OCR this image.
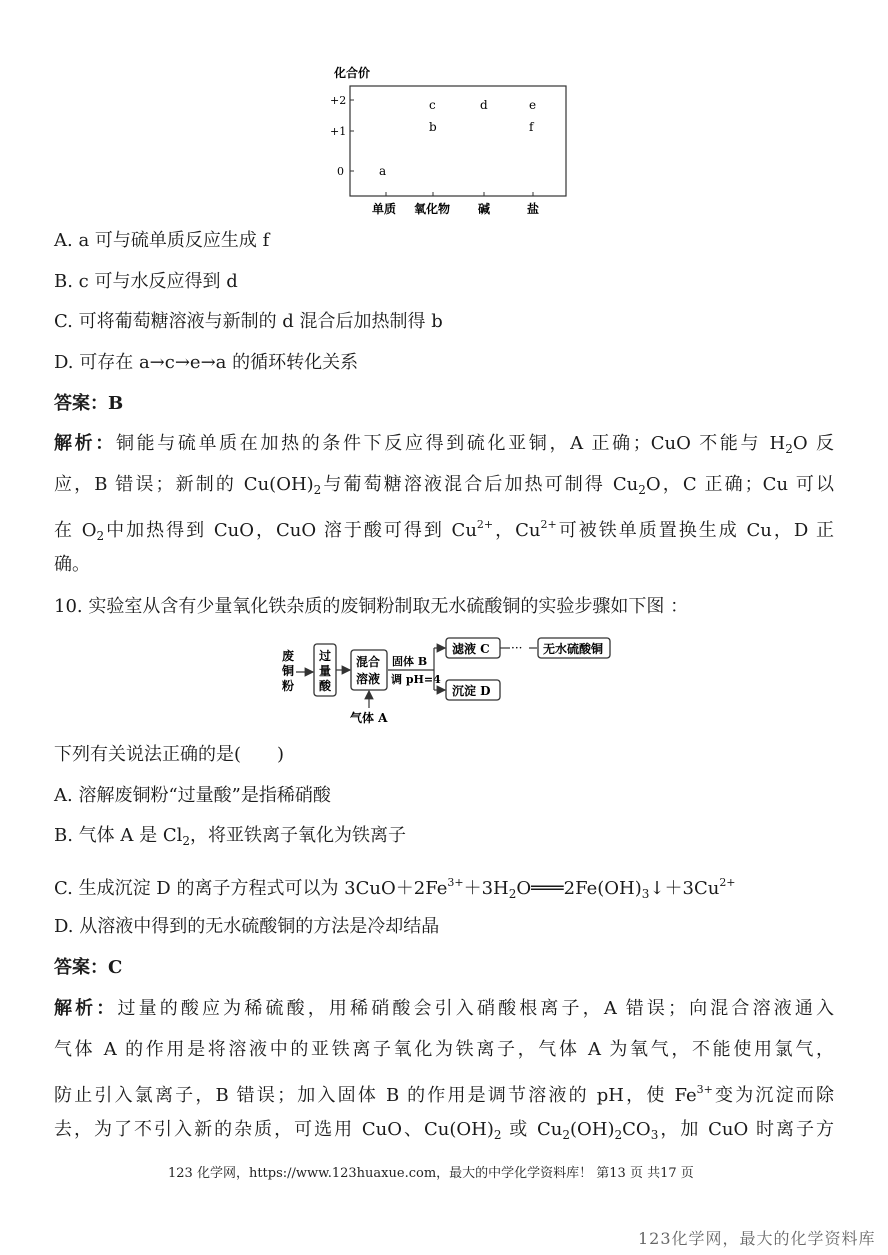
化合价
+2
+1
0
单质 氧化物 碱	盐
a
b
c	d	e
f
A. a 可与硫单质反应生成 f
B. c 可与水反应得到 d
C. 可将葡萄糖溶液与新制的 d 混合后加热制得 b
D. 可存在 a→c→e→a 的循环转化关系
答案：B
解析：铜能与硫单质在加热的条件下反应得到硫化亚铜，A 正确；CuO 不能与 $H_2O$ 反
应，B 错误；新制的 $Cu(OH)_2$与葡萄糖溶液混合后加热可制得 $Cu_2O$，C 正确；Cu 可以
在 $O_2$中加热得到 CuO，CuO 溶于酸可得到 $Cu^{2+}$，$Cu^{2+}$可被铁单质置换生成 Cu，D 正
确。
10. 实验室从含有少量氧化铁杂质的废铜粉制取无水硫酸铜的实验步骤如下图 ：
废
铜
粉
过
量
酸
混合
溶液
气体 A
固体 B
调 pH=4
滤液 C ··· 无水硫酸铜
沉淀 D
下列有关说法正确的是(　　)
A. 溶解废铜粉“过量酸”是指稀硝酸
B. 气体 A 是 $Cl_2$，将亚铁离子氧化为铁离子
C. 生成沉淀 D 的离子方程式可以为 $3CuO+2Fe^{3+}+3H_2O═══2Fe(OH)_3↓+3Cu^{2+}$
D. 从溶液中得到的无水硫酸铜的方法是冷却结晶
答案：C
解析：过量的酸应为稀硫酸，用稀硝酸会引入硝酸根离子，A 错误；向混合溶液通入
气体 A 的作用是将溶液中的亚铁离子氧化为铁离子，气体 A 为氧气，不能使用氯气，
防止引入氯离子，B 错误；加入固体 B 的作用是调节溶液的 pH，使 $Fe^{3+}$变为沉淀而除
去，为了不引入新的杂质，可选用 CuO、$Cu(OH)_2$ 或 $Cu_2(OH)_2CO_3$，加 CuO 时离子方
123 化学网，https://www.123huaxue.com，最大的中学化学资料库！ 第13 页 共17 页
123化学网，最大的化学资料库
